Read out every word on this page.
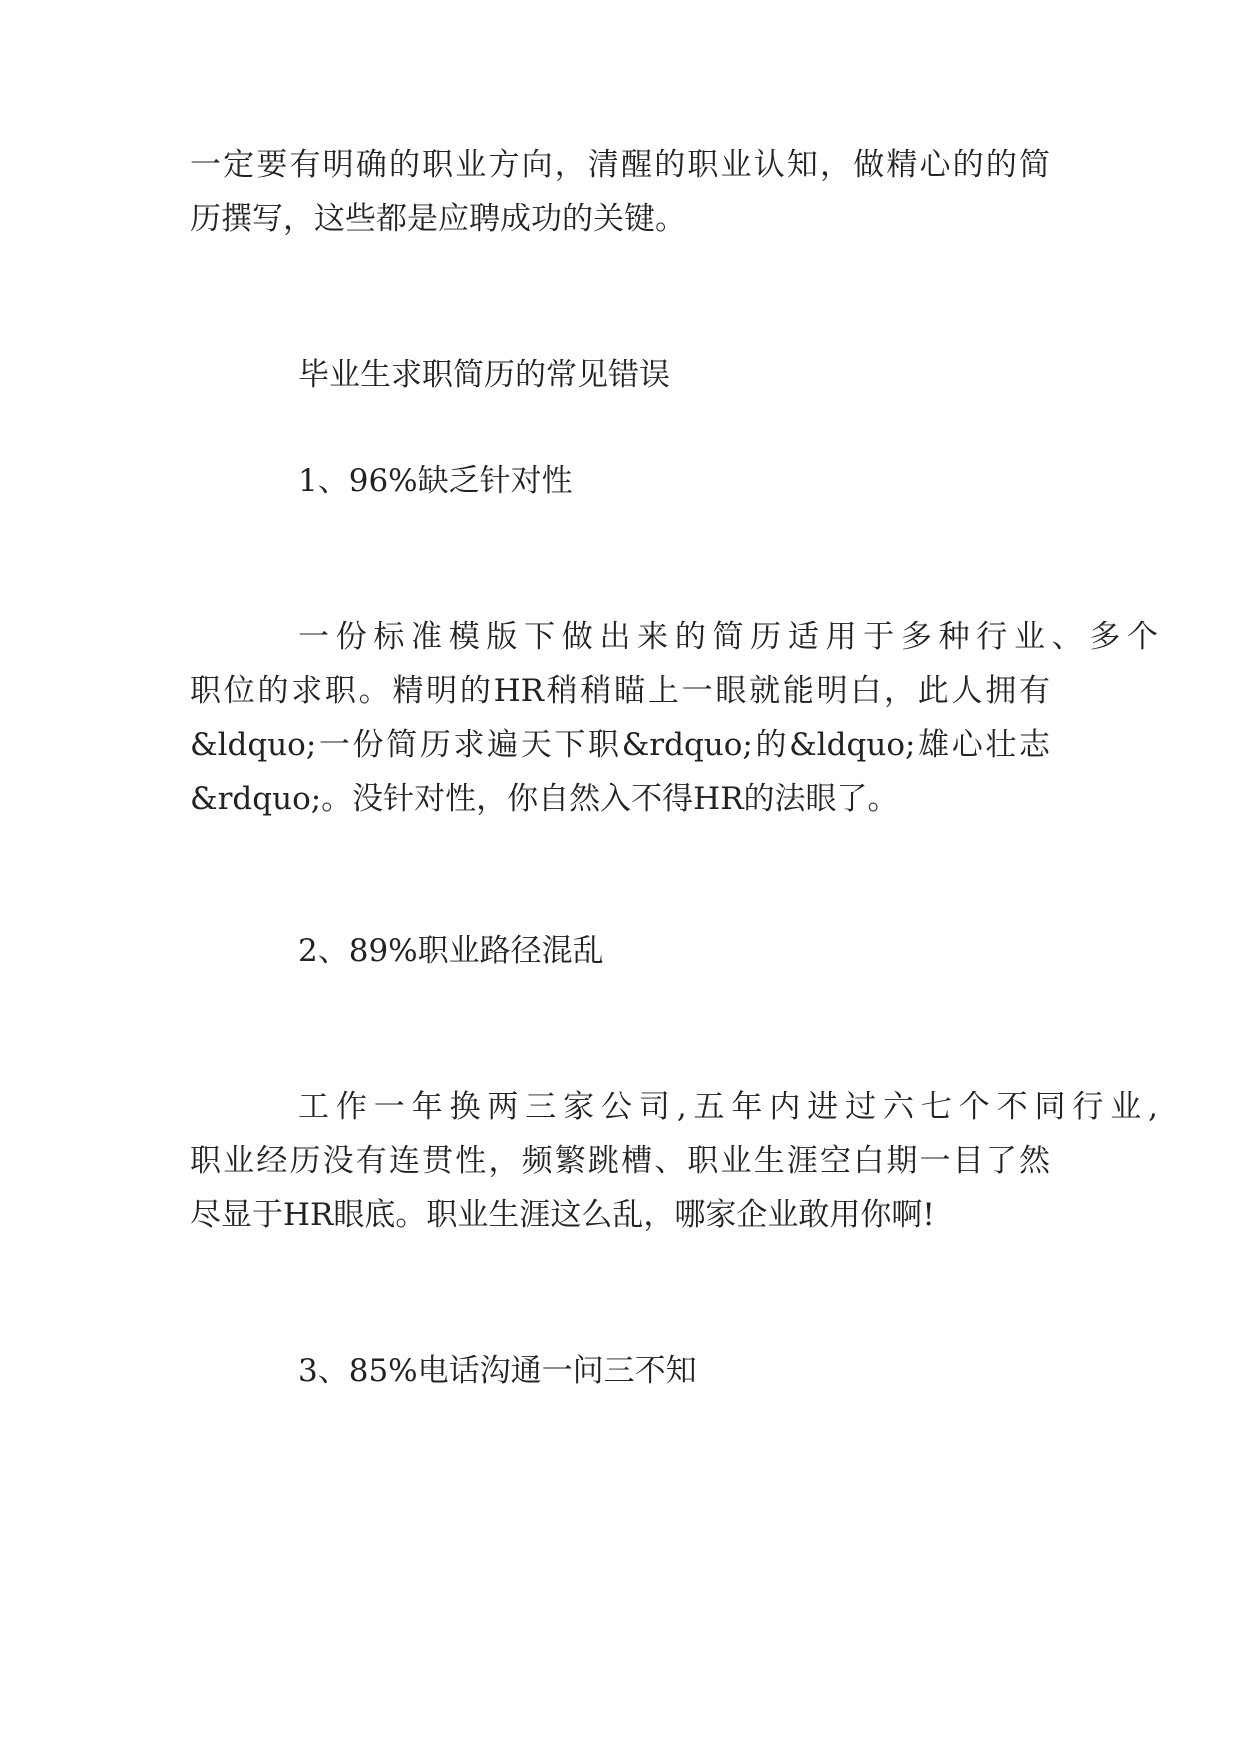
一定要有明确的职业方向，清醒的职业认知，做精心的的简
历撰写，这些都是应聘成功的关键。
毕业生求职简历的常见错误
1、96%缺乏针对性
一份标准模版下做出来的简历适用于多种行业、多个
职位的求职。精明的HR稍稍瞄上一眼就能明白，此人拥有
&ldquo;一份简历求遍天下职&rdquo;的&ldquo;雄心壮志
&rdquo;。没针对性，你自然入不得HR的法眼了。
2、89%职业路径混乱
工作一年换两三家公司,五年内进过六七个不同行业,
职业经历没有连贯性，频繁跳槽、职业生涯空白期一目了然
尽显于HR眼底。职业生涯这么乱，哪家企业敢用你啊!
3、85%电话沟通一问三不知
